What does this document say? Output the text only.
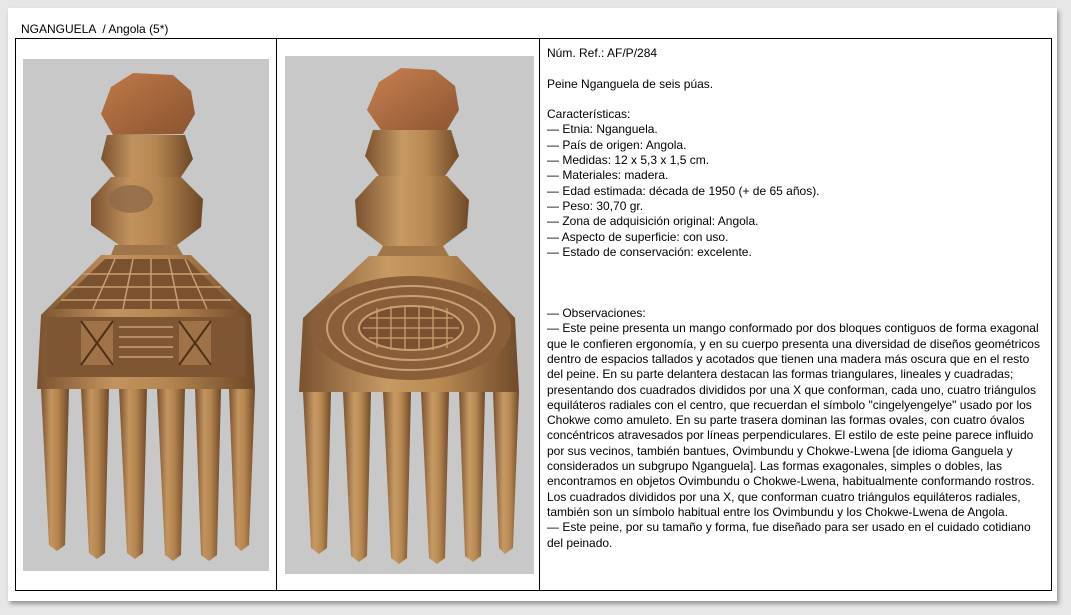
NGANGUELA  / Angola (5*)

Núm. Ref.: AF/P/284

Peine Nganguela de seis púas.

Características:

— Etnia: Nganguela.

— País de origen: Angola.

— Medidas: 12 x 5,3 x 1,5 cm.

— Materiales: madera.

— Edad estimada: década de 1950 (+ de 65 años).

— Peso: 30,70 gr.

— Zona de adquisición original: Angola.

— Aspecto de superficie: con uso.

— Estado de conservación: excelente.

— Observaciones:

— Este peine presenta un mango conformado por dos bloques contiguos de forma exagonal que le confieren ergonomía, y en su cuerpo presenta una diversidad de diseños geométricos dentro de espacios tallados y acotados que tienen una madera más oscura que en el resto del peine. En su parte delantera destacan las formas triangulares, lineales y cuadradas; presentando dos cuadrados divididos por una X que conforman, cada uno, cuatro triángulos equiláteros radiales con el centro, que recuerdan el símbolo "cingelyengelye" usado por los Chokwe como amuleto. En su parte trasera dominan las formas ovales, con cuatro óvalos concéntricos atravesados por líneas perpendiculares. El estilo de este peine parece influido por sus vecinos, también bantues, Ovimbundu y Chokwe-Lwena [de idioma Ganguela y considerados un subgrupo Nganguela]. Las formas exagonales, simples o dobles, las encontramos en objetos Ovimbundu o Chokwe-Lwena, habitualmente conformando rostros. Los cuadrados divididos por una X, que conforman cuatro triángulos equiláteros radiales, también son un símbolo habitual entre los Ovimbundu y los Chokwe-Lwena de Angola.

— Este peine, por su tamaño y forma, fue diseñado para ser usado en el cuidado cotidiano del peinado.
